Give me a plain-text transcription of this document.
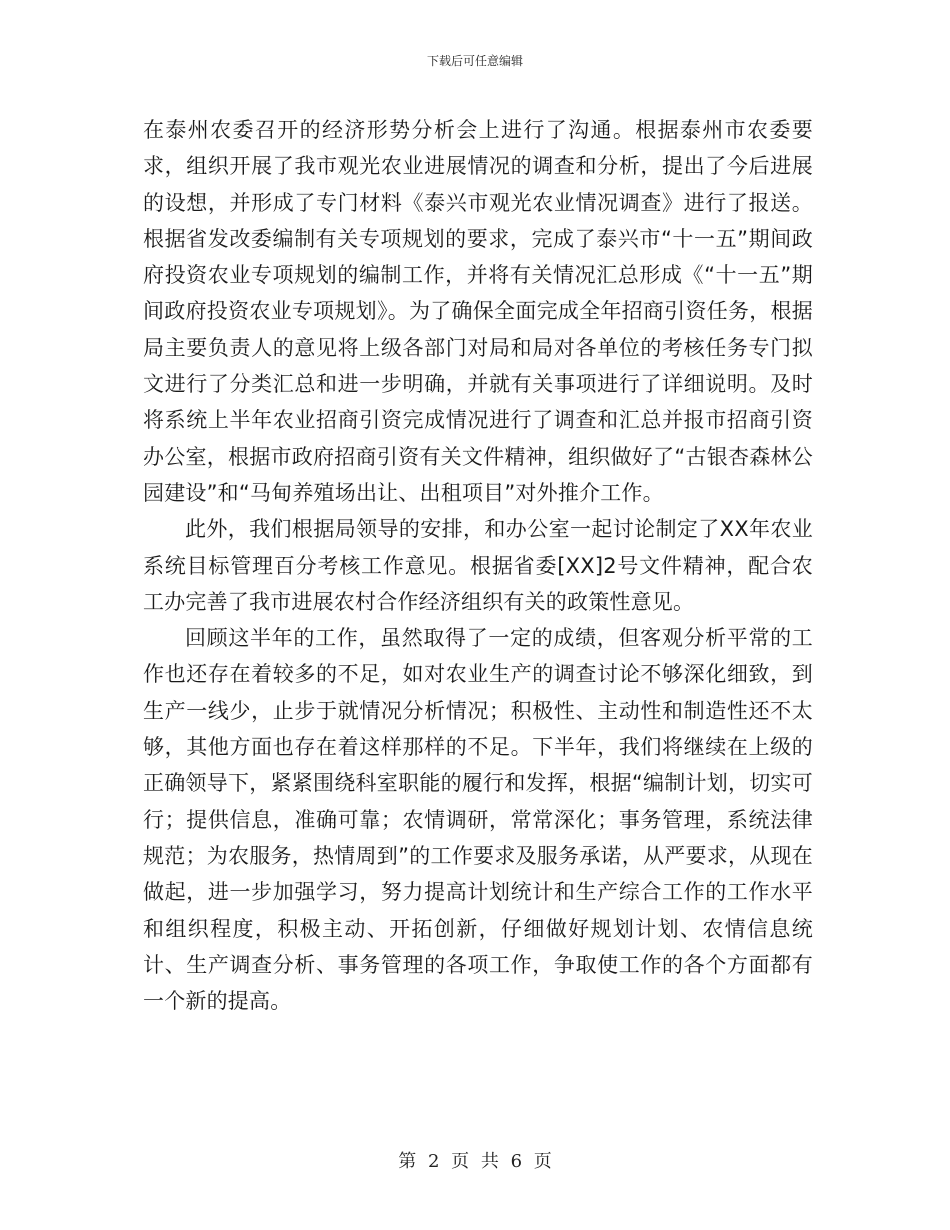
下载后可任意编辑

在泰州农委召开的经济形势分析会上进行了沟通。根据泰州市农委要求，组织开展了我市观光农业进展情况的调查和分析，提出了今后进展的设想，并形成了专门材料《泰兴市观光农业情况调查》进行了报送。根据省发改委编制有关专项规划的要求，完成了泰兴市“十一五”期间政府投资农业专项规划的编制工作，并将有关情况汇总形成《“十一五”期间政府投资农业专项规划》。为了确保全面完成全年招商引资任务，根据局主要负责人的意见将上级各部门对局和局对各单位的考核任务专门拟文进行了分类汇总和进一步明确，并就有关事项进行了详细说明。及时将系统上半年农业招商引资完成情况进行了调查和汇总并报市招商引资办公室，根据市政府招商引资有关文件精神，组织做好了“古银杏森林公园建设”和“马甸养殖场出让、出租项目”对外推介工作。

此外，我们根据局领导的安排，和办公室一起讨论制定了XX年农业系统目标管理百分考核工作意见。根据省委[XX]2号文件精神，配合农工办完善了我市进展农村合作经济组织有关的政策性意见。

回顾这半年的工作，虽然取得了一定的成绩，但客观分析平常的工作也还存在着较多的不足，如对农业生产的调查讨论不够深化细致，到生产一线少，止步于就情况分析情况；积极性、主动性和制造性还不太够，其他方面也存在着这样那样的不足。下半年，我们将继续在上级的正确领导下，紧紧围绕科室职能的履行和发挥，根据“编制计划，切实可行；提供信息，准确可靠；农情调研，常常深化；事务管理，系统法律规范；为农服务，热情周到”的工作要求及服务承诺，从严要求，从现在做起，进一步加强学习，努力提高计划统计和生产综合工作的工作水平和组织程度，积极主动、开拓创新，仔细做好规划计划、农情信息统计、生产调查分析、事务管理的各项工作，争取使工作的各个方面都有一个新的提高。

第 2 页 共 6 页
